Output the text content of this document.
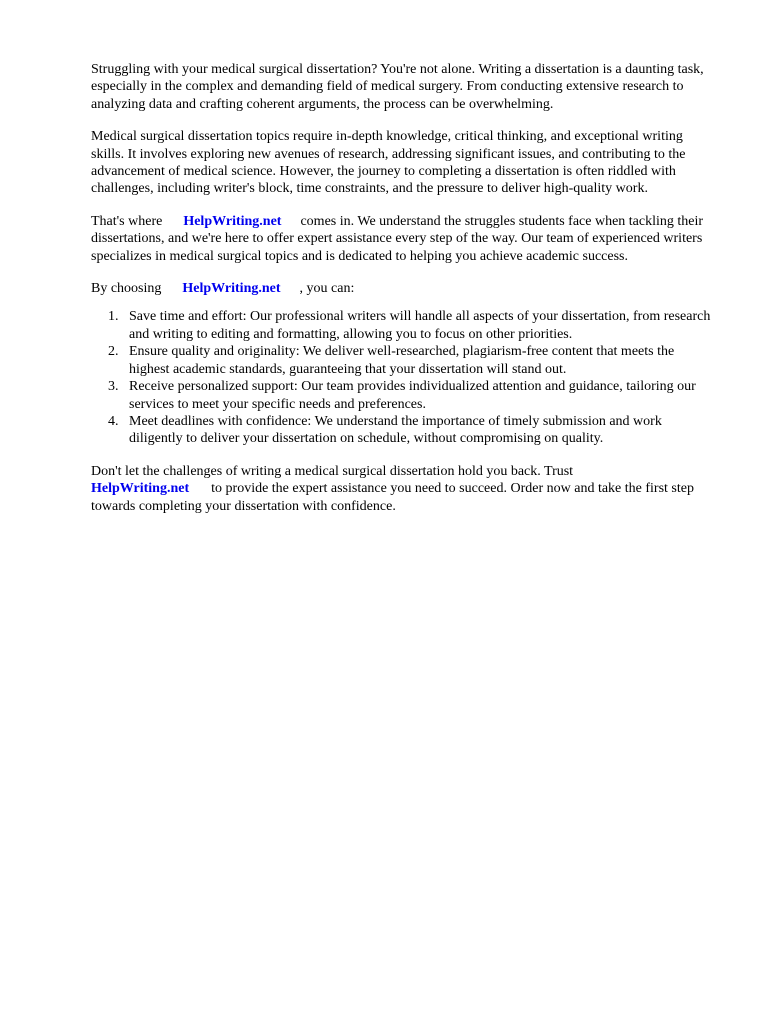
Struggling with your medical surgical dissertation? You're not alone. Writing a dissertation is a daunting task, especially in the complex and demanding field of medical surgery. From conducting extensive research to analyzing data and crafting coherent arguments, the process can be overwhelming.

Medical surgical dissertation topics require in-depth knowledge, critical thinking, and exceptional writing skills. It involves exploring new avenues of research, addressing significant issues, and contributing to the advancement of medical science. However, the journey to completing a dissertation is often riddled with challenges, including writer's block, time constraints, and the pressure to deliver high-quality work.

That's where HelpWriting.net comes in. We understand the struggles students face when tackling their dissertations, and we're here to offer expert assistance every step of the way. Our team of experienced writers specializes in medical surgical topics and is dedicated to helping you achieve academic success.

By choosing HelpWriting.net , you can:

1. Save time and effort: Our professional writers will handle all aspects of your dissertation, from research and writing to editing and formatting, allowing you to focus on other priorities.
2. Ensure quality and originality: We deliver well-researched, plagiarism-free content that meets the highest academic standards, guaranteeing that your dissertation will stand out.
3. Receive personalized support: Our team provides individualized attention and guidance, tailoring our services to meet your specific needs and preferences.
4. Meet deadlines with confidence: We understand the importance of timely submission and work diligently to deliver your dissertation on schedule, without compromising on quality.

Don't let the challenges of writing a medical surgical dissertation hold you back. Trust
HelpWriting.net to provide the expert assistance you need to succeed. Order now and take the first step towards completing your dissertation with confidence.
